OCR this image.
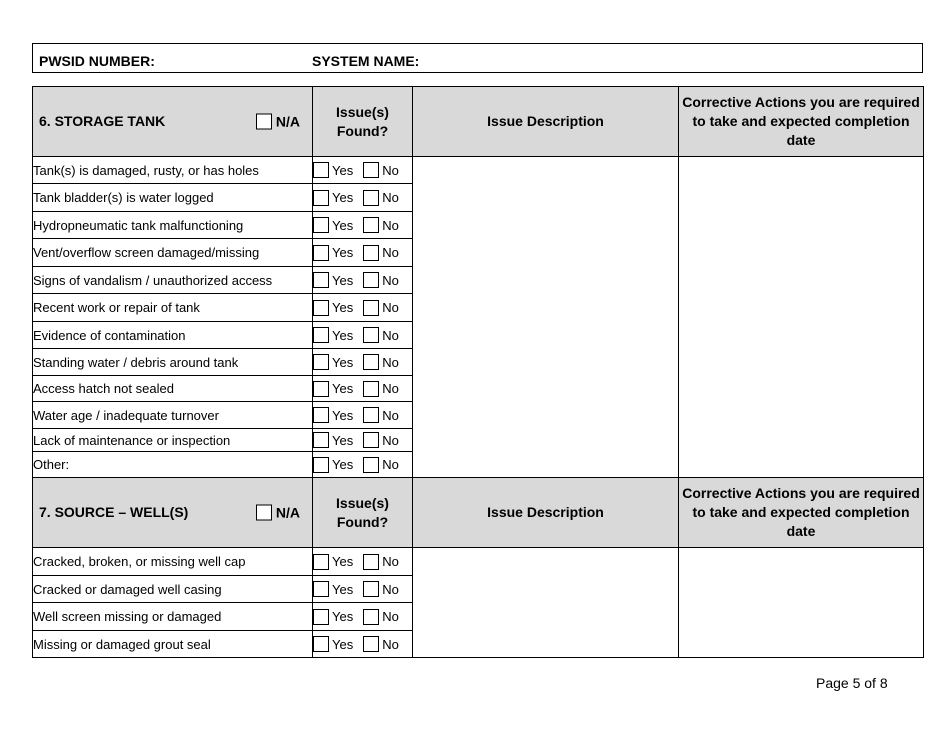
PWSID NUMBER:	SYSTEM NAME:
6. STORAGE TANK N/A	Issue(s) Found?	Issue Description	Corrective Actions you are required to take and expected completion date
Tank(s) is damaged, rusty, or has holes	Yes No		
Tank bladder(s) is water logged	Yes No		
Hydropneumatic tank malfunctioning	Yes No		
Vent/overflow screen damaged/missing	Yes No		
Signs of vandalism / unauthorized access	Yes No		
Recent work or repair of tank	Yes No		
Evidence of contamination	Yes No		
Standing water / debris around tank	Yes No		
Access hatch not sealed	Yes No		
Water age / inadequate turnover	Yes No		
Lack of maintenance or inspection	Yes No		
Other:	Yes No		
7. SOURCE – WELL(S) N/A	Issue(s) Found?	Issue Description	Corrective Actions you are required to take and expected completion date
Cracked, broken, or missing well cap	Yes No		
Cracked or damaged well casing	Yes No		
Well screen missing or damaged	Yes No		
Missing or damaged grout seal	Yes No		
Page 5 of 8
